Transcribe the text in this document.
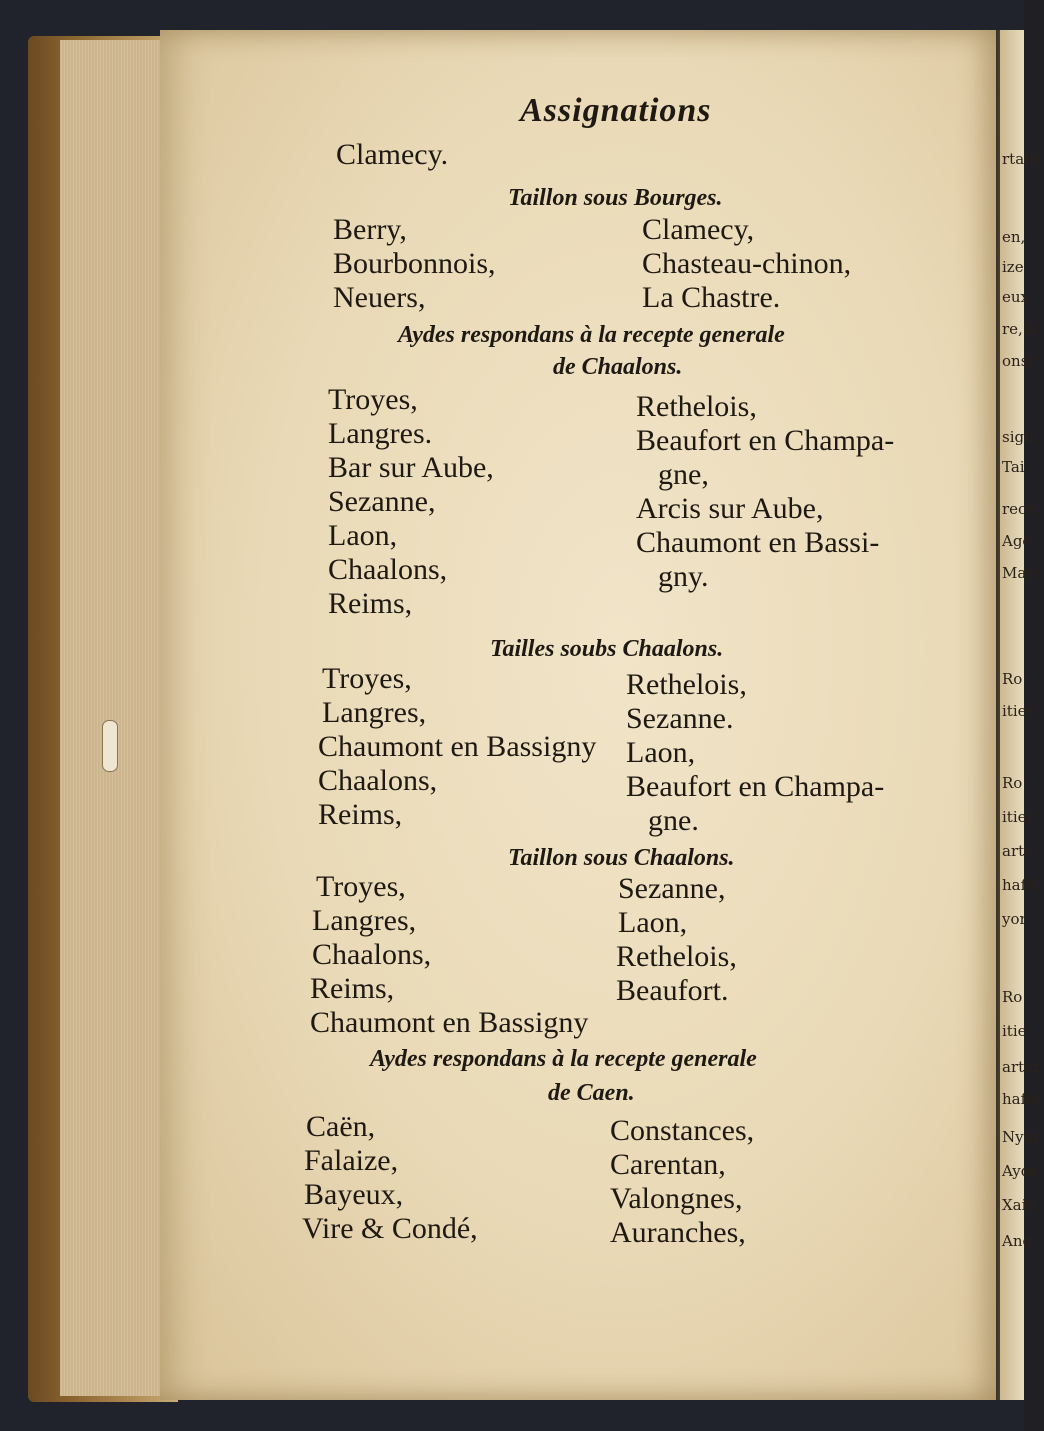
rtain
en,
ize,
eux
re,&
onst
sign
Tai
rece
Age
May
Ro
itier
Ro
itier
arte
hafti
yor,
Ro
itie
arter
hafte
Nyur,
Ayde
Xain
Ang
Assignations
Clamecy.
Taillon sous Bourges.
Berry,
Bourbonnois,
Neuers,
Clamecy,
Chasteau-chinon,
La Chastre.
Aydes respondans à la recepte generale
de Chaalons.
Troyes,
Langres.
Bar sur Aube,
Sezanne,
Laon,
Chaalons,
Reims,
Rethelois,
Beaufort en Champa-
gne,
Arcis sur Aube,
Chaumont en Bassi-
gny.
Tailles soubs Chaalons.
Troyes,
Langres,
Chaumont en Bassigny
Chaalons,
Reims,
Rethelois,
Sezanne.
Laon,
Beaufort en Champa-
gne.
Taillon sous Chaalons.
Troyes,
Langres,
Chaalons,
Reims,
Chaumont en Bassigny
Sezanne,
Laon,
Rethelois,
Beaufort.
Aydes respondans à la recepte generale
de Caen.
Caën,
Falaize,
Bayeux,
Vire & Condé,
Constances,
Carentan,
Valongnes,
Auranches,
